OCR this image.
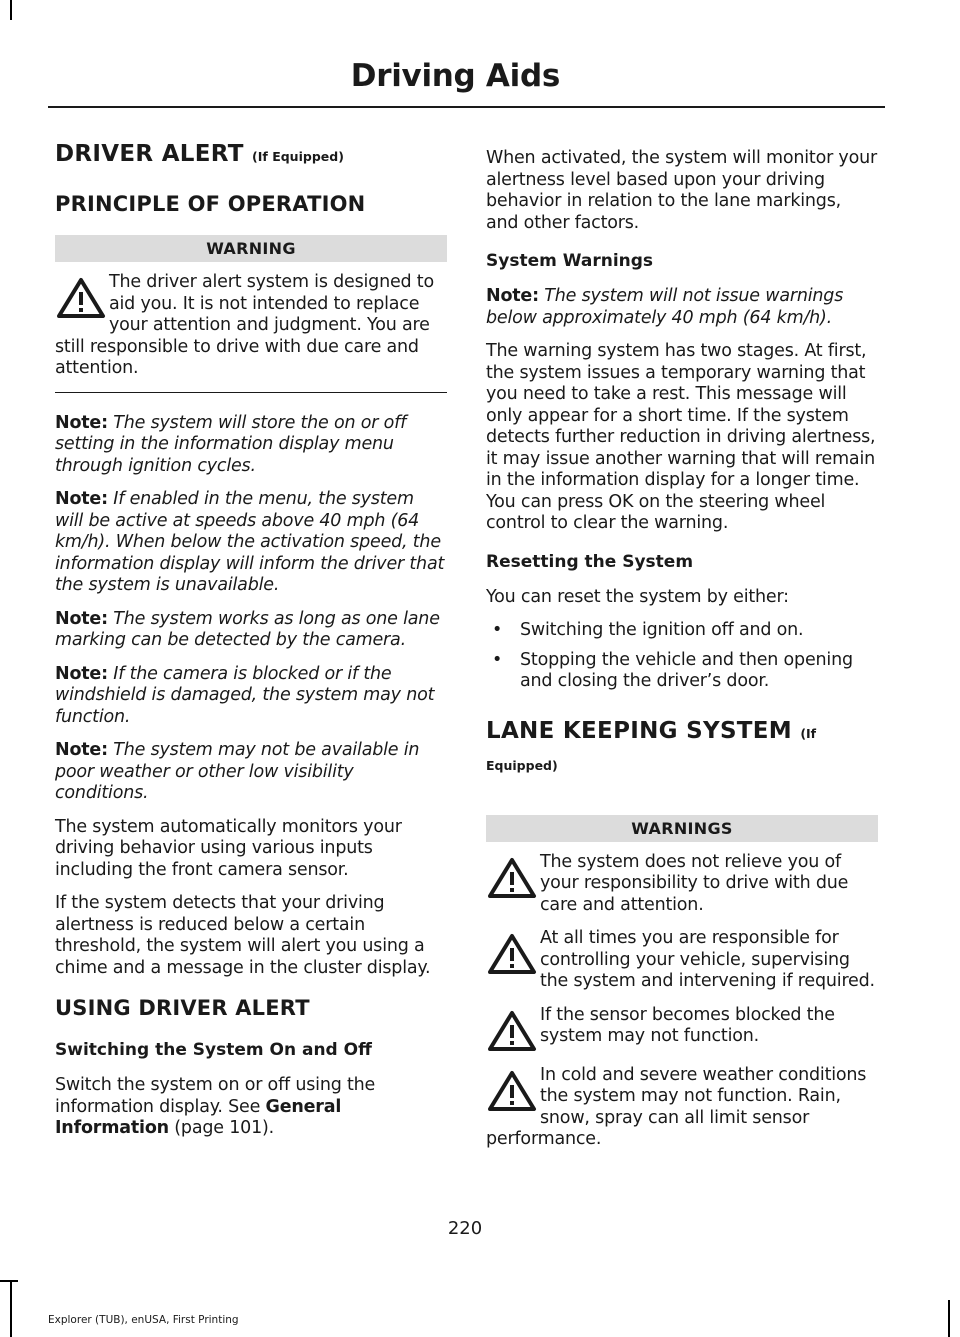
Driving Aids
DRIVER ALERT (If Equipped)
PRINCIPLE OF OPERATION
WARNING
The driver alert system is designed to aid you. It is not intended to replace your attention and judgment. You are still responsible to drive with due care and attention.

Note: The system will store the on or off setting in the information display menu through ignition cycles.

Note: If enabled in the menu, the system will be active at speeds above 40 mph (64 km/h). When below the activation speed, the information display will inform the driver that the system is unavailable.

Note: The system works as long as one lane marking can be detected by the camera.

Note: If the camera is blocked or if the windshield is damaged, the system may not function.

Note: The system may not be available in poor weather or other low visibility conditions.

The system automatically monitors your driving behavior using various inputs including the front camera sensor.

If the system detects that your driving alertness is reduced below a certain threshold, the system will alert you using a chime and a message in the cluster display.

USING DRIVER ALERT
Switching the System On and Off

Switch the system on or off using the information display. See General Information (page 101).

When activated, the system will monitor your alertness level based upon your driving behavior in relation to the lane markings, and other factors.

System Warnings

Note: The system will not issue warnings below approximately 40 mph (64 km/h).

The warning system has two stages. At first, the system issues a temporary warning that you need to take a rest. This message will only appear for a short time. If the system detects further reduction in driving alertness, it may issue another warning that will remain in the information display for a longer time. You can press OK on the steering wheel control to clear the warning.

Resetting the System

You can reset the system by either:

• Switching the ignition off and on.
• Stopping the vehicle and then opening and closing the driver’s door.
LANE KEEPING SYSTEM (If
Equipped)
WARNINGS
The system does not relieve you of your responsibility to drive with due care and attention.
At all times you are responsible for controlling your vehicle, supervising the system and intervening if required.
If the sensor becomes blocked the system may not function.
In cold and severe weather conditions the system may not function. Rain, snow, spray can all limit sensor performance.
220
Explorer (TUB), enUSA, First Printing
